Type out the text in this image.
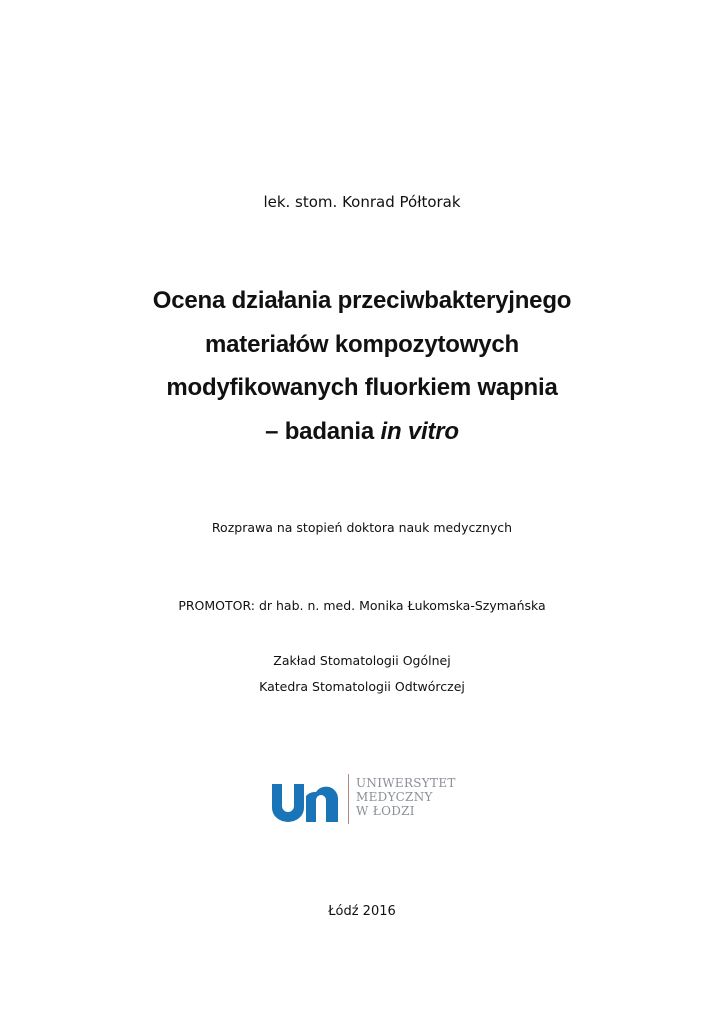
lek. stom. Konrad Półtorak
Ocena działania przeciwbakteryjnego
materiałów kompozytowych
modyfikowanych fluorkiem wapnia
– badania in vitro
Rozprawa na stopień doktora nauk medycznych
PROMOTOR: dr hab. n. med. Monika Łukomska-Szymańska
Zakład Stomatologii Ogólnej
Katedra Stomatologii Odtwórczej
UNIWERSYTET
MEDYCZNY
W ŁODZI
Łódź 2016
